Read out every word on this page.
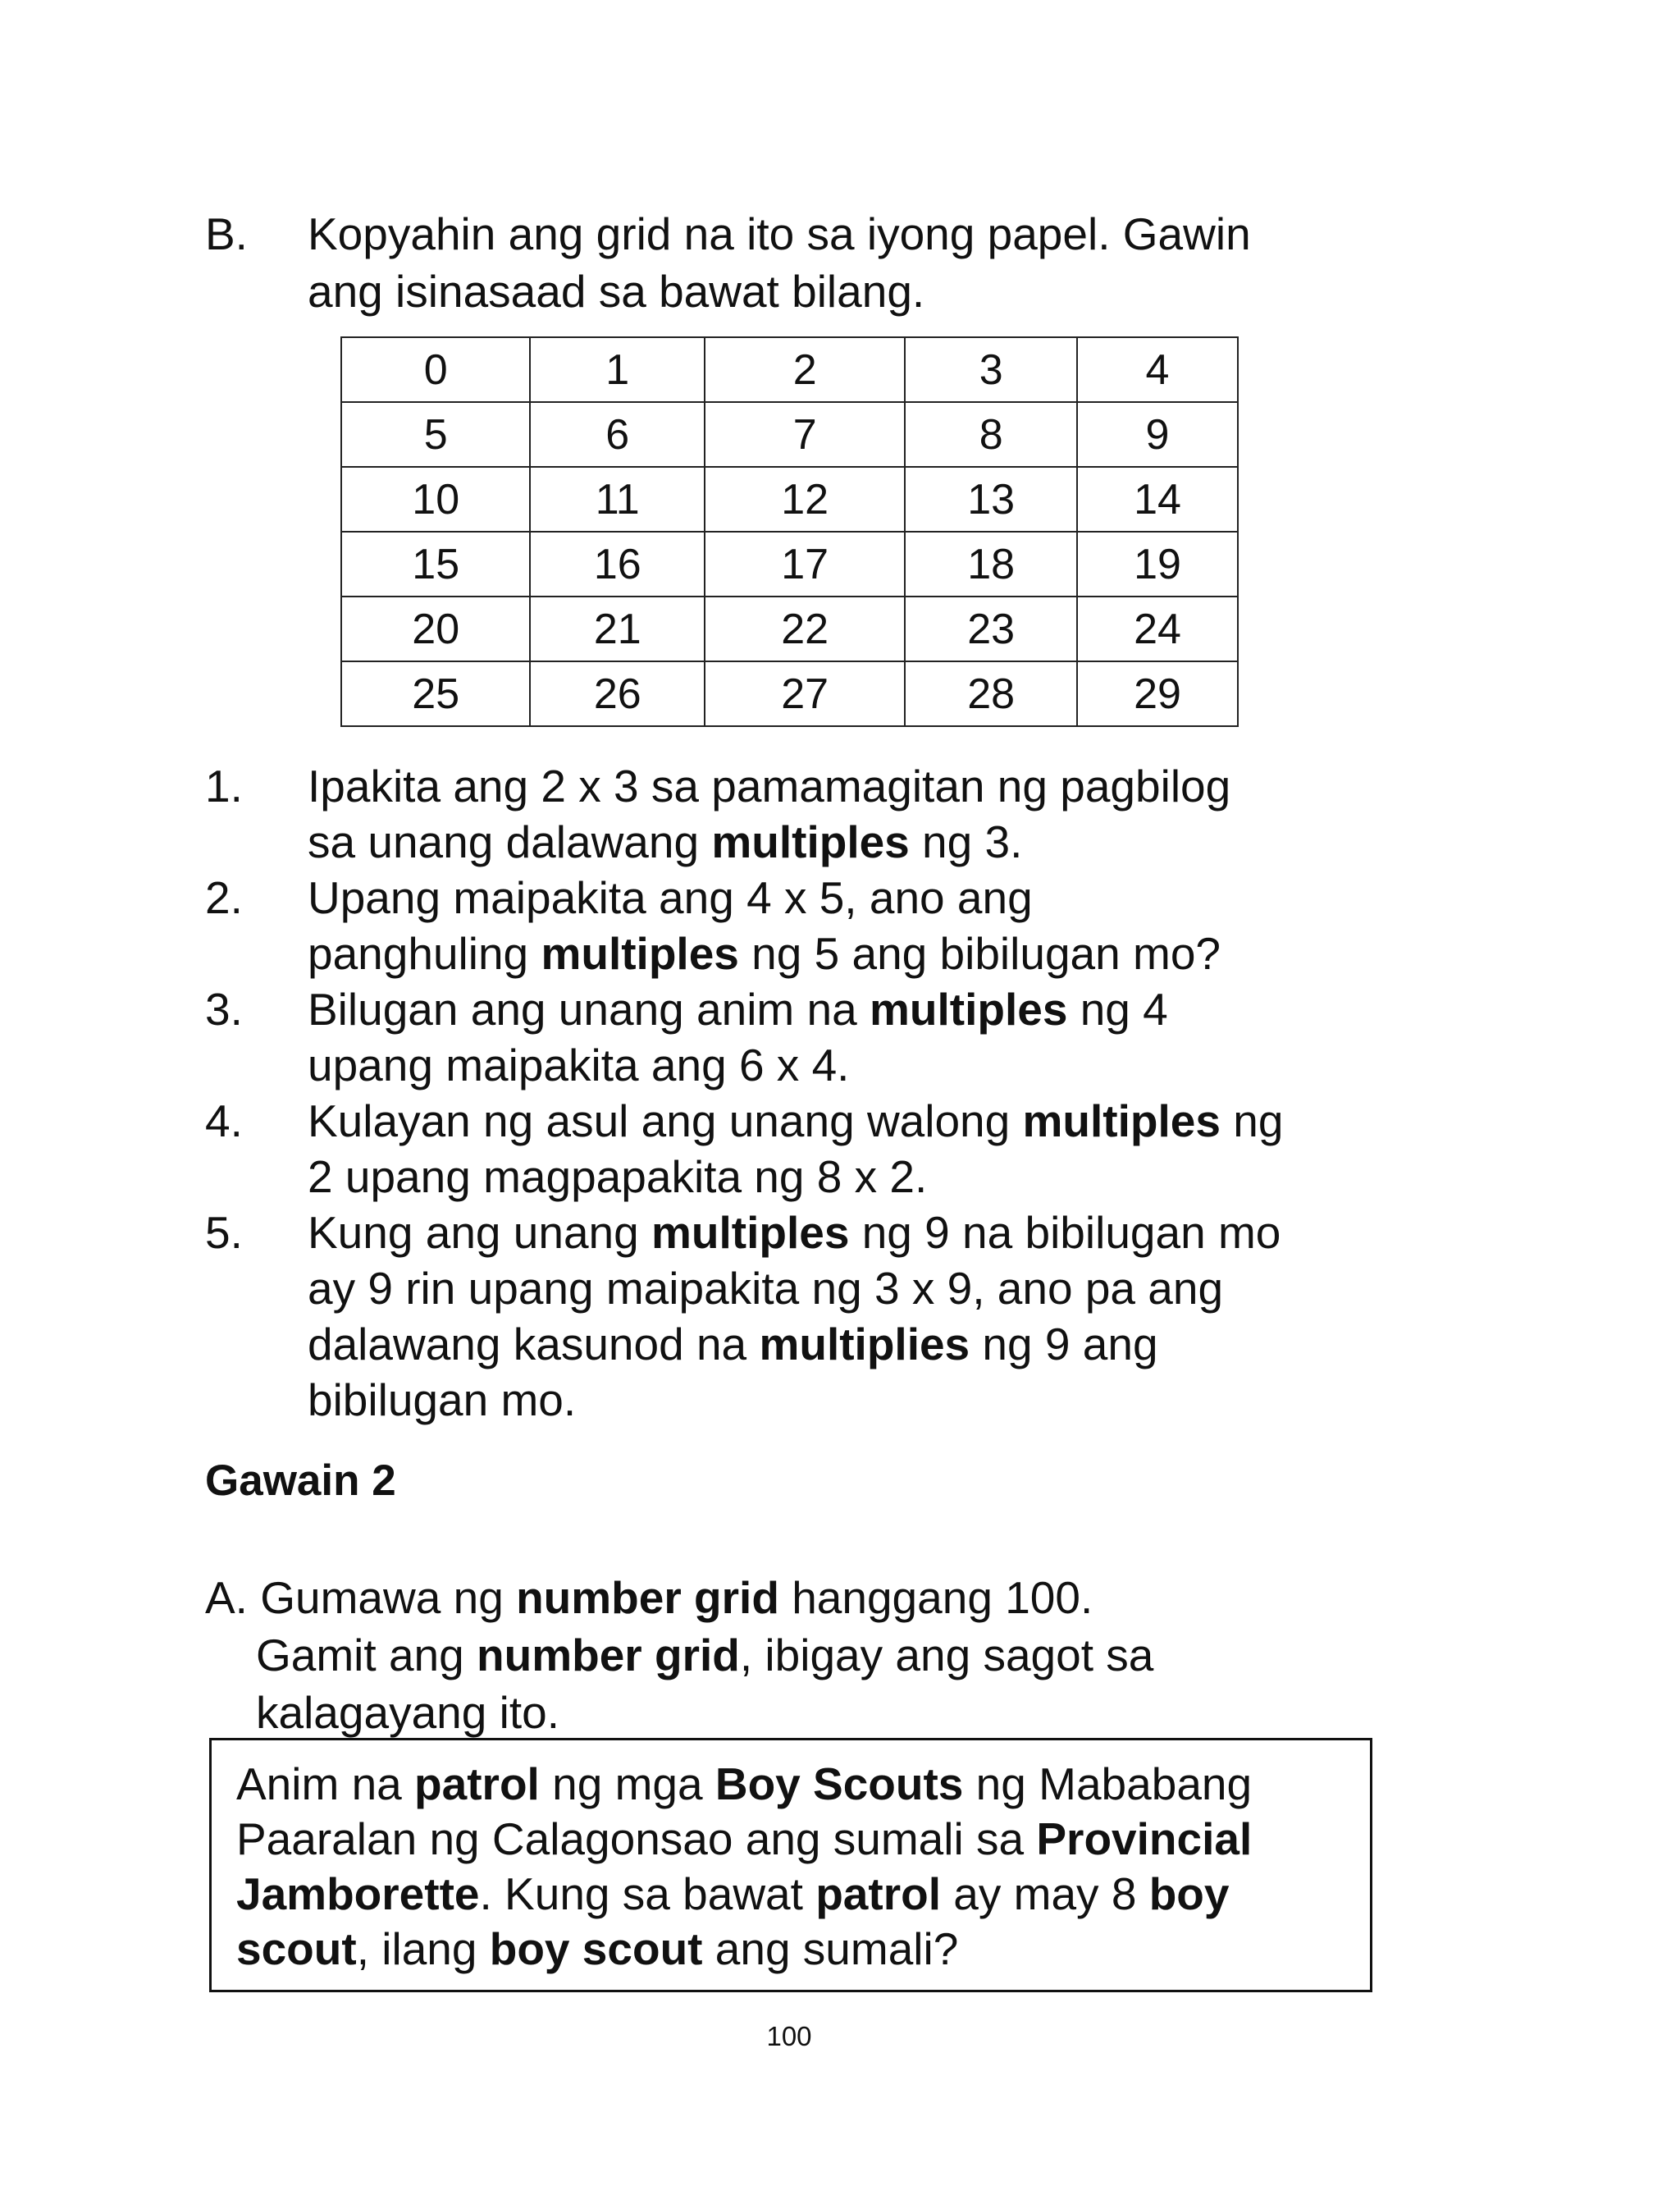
B. Kopyahin ang grid na ito sa iyong papel. Gawin
ang isinasaad sa bawat bilang.
0	1	2	3	4
5	6	7	8	9
10	11	12	13	14
15	16	17	18	19
20	21	22	23	24
25	26	27	28	29
1. Ipakita ang 2 x 3 sa pamamagitan ng pagbilog
sa unang dalawang multiples ng 3.
2. Upang maipakita ang 4 x 5, ano ang
panghuling multiples ng 5 ang bibilugan mo?
3. Bilugan ang unang anim na multiples ng 4
upang maipakita ang 6 x 4.
4. Kulayan ng asul ang unang walong multiples ng
2 upang magpapakita ng 8 x 2.
5. Kung ang unang multiples ng 9 na bibilugan mo
ay 9 rin upang maipakita ng 3 x 9, ano pa ang
dalawang kasunod na multiplies ng 9 ang
bibilugan mo.
Gawain 2
A. Gumawa ng number grid hanggang 100.
Gamit ang number grid, ibigay ang sagot sa
kalagayang ito.
Anim na patrol ng mga Boy Scouts ng Mababang
Paaralan ng Calagonsao ang sumali sa Provincial
Jamborette. Kung sa bawat patrol ay may 8 boy
scout, ilang boy scout ang sumali?
100
